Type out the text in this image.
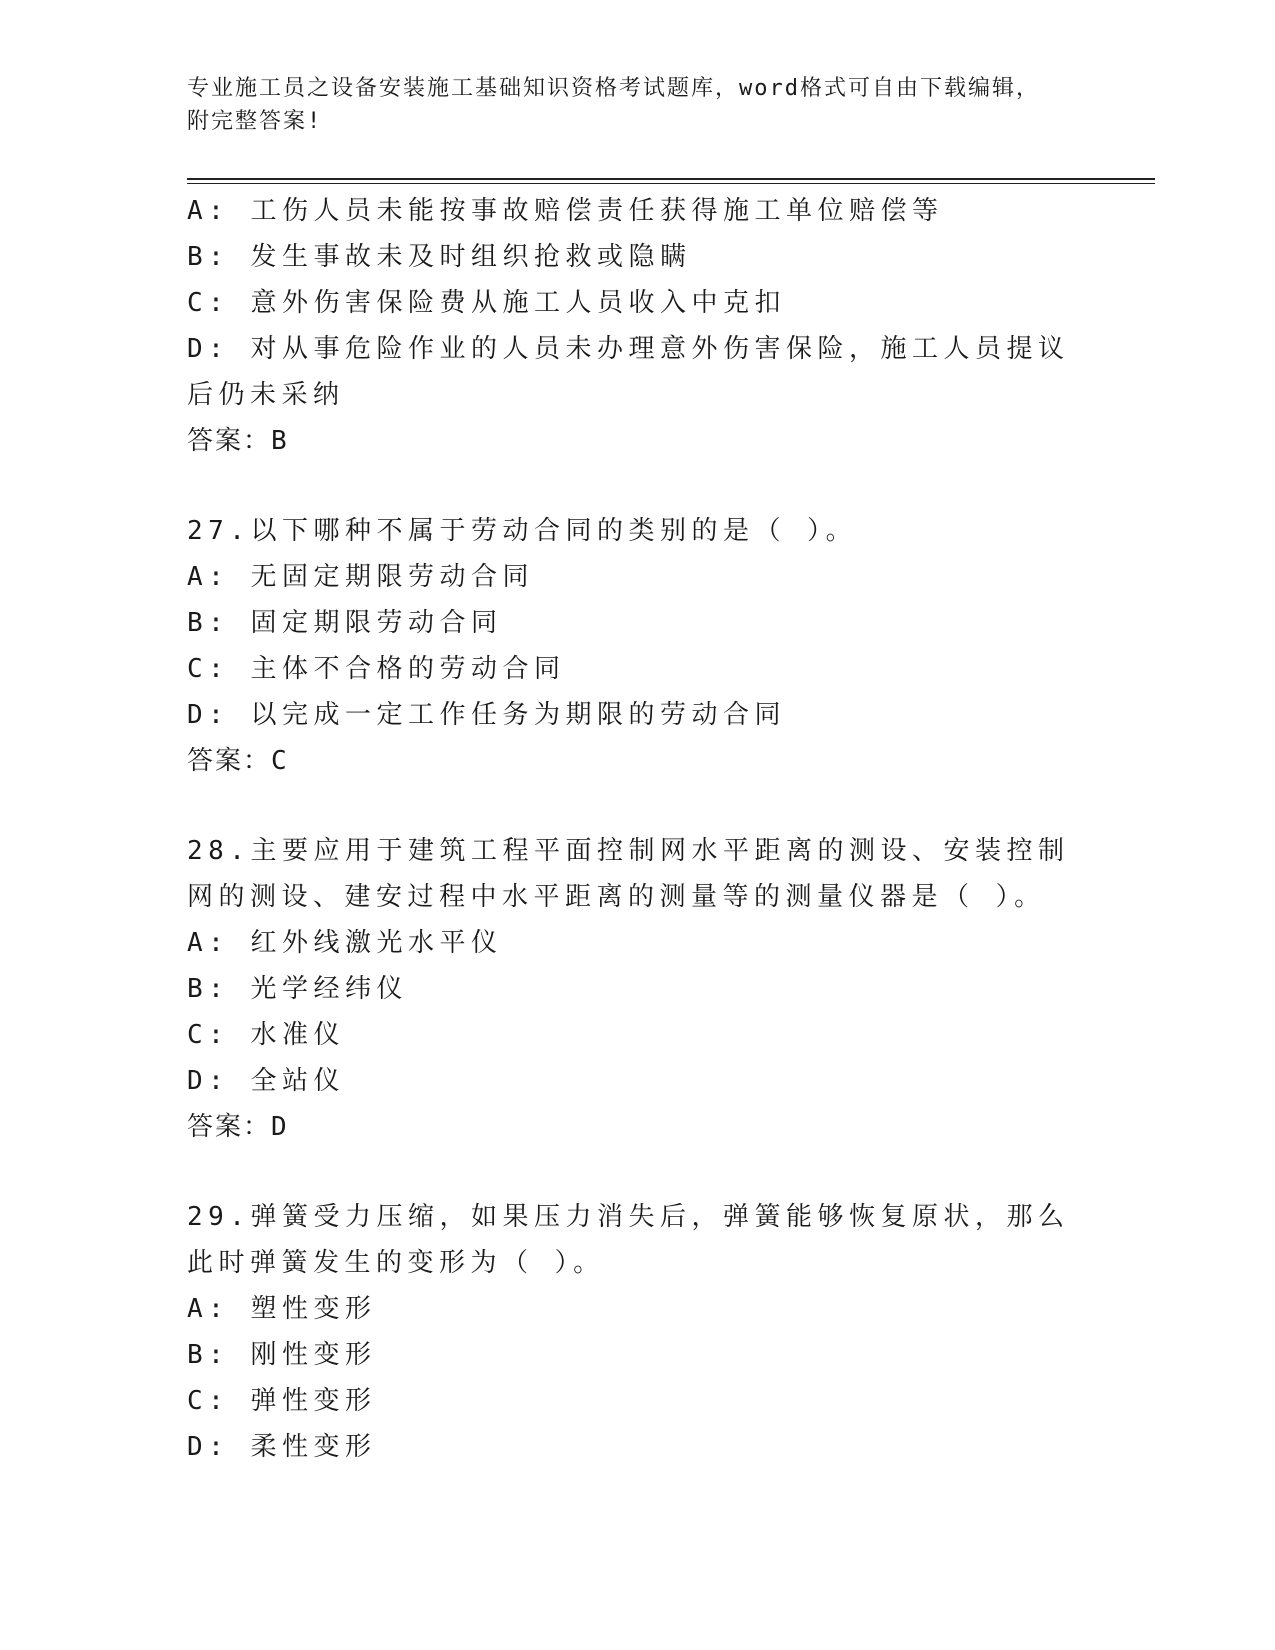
专业施工员之设备安装施工基础知识资格考试题库，word格式可自由下载编辑，
附完整答案!
A: 工伤人员未能按事故赔偿责任获得施工单位赔偿等
B: 发生事故未及时组织抢救或隐瞒
C: 意外伤害保险费从施工人员收入中克扣
D: 对从事危险作业的人员未办理意外伤害保险，施工人员提议后仍未采纳
答案：B
27.以下哪种不属于劳动合同的类别的是（ ）。
A: 无固定期限劳动合同
B: 固定期限劳动合同
C: 主体不合格的劳动合同
D: 以完成一定工作任务为期限的劳动合同
答案：C
28.主要应用于建筑工程平面控制网水平距离的测设、安装控制网的测设、建安过程中水平距离的测量等的测量仪器是（ ）。
A: 红外线激光水平仪
B: 光学经纬仪
C: 水准仪
D: 全站仪
答案：D
29.弹簧受力压缩，如果压力消失后，弹簧能够恢复原状，那么此时弹簧发生的变形为（ ）。
A: 塑性变形
B: 刚性变形
C: 弹性变形
D: 柔性变形
